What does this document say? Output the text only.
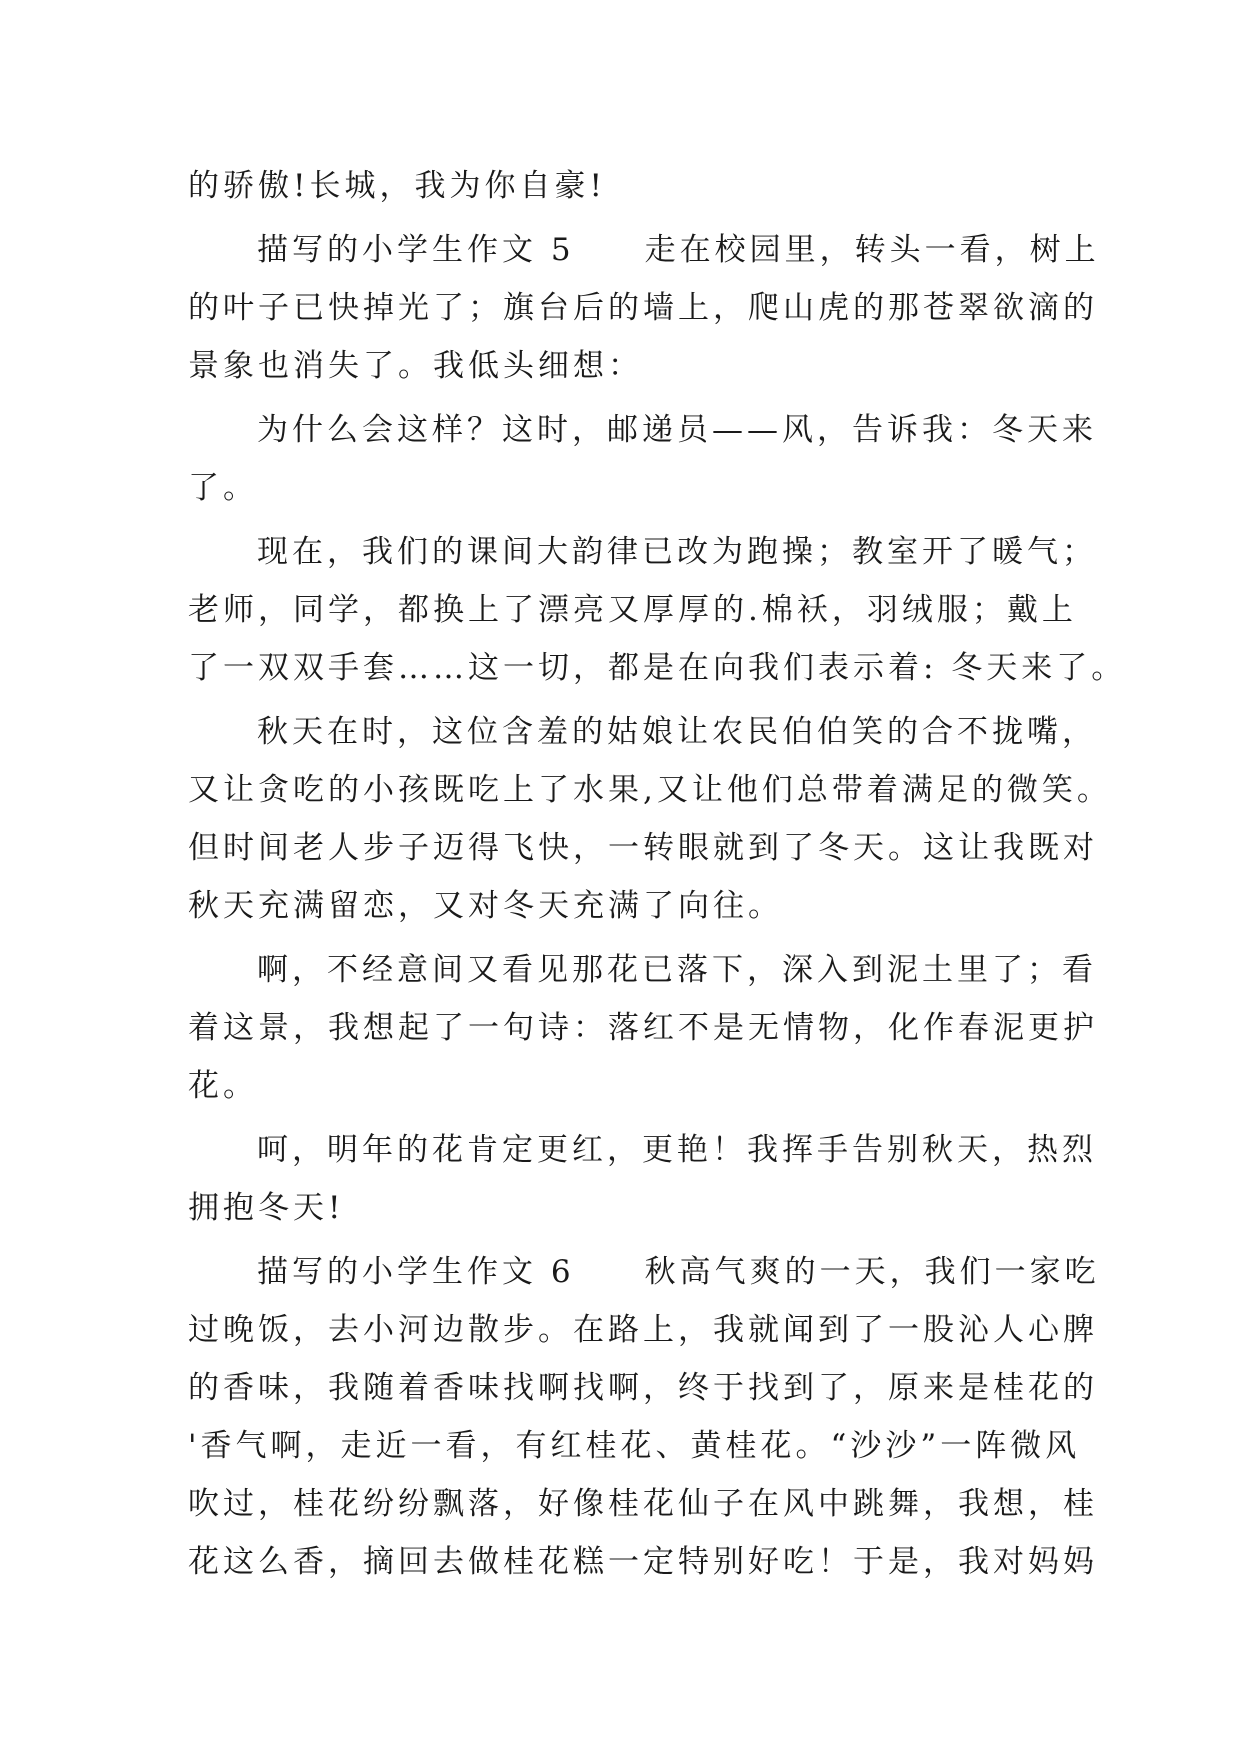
的骄傲!长城，我为你自豪!
描写的小学生作文 5　　走在校园里，转头一看，树上
的叶子已快掉光了；旗台后的墙上，爬山虎的那苍翠欲滴的
景象也消失了。我低头细想：
为什么会这样？这时，邮递员——风，告诉我：冬天来
了。
现在，我们的课间大韵律已改为跑操；教室开了暖气；
老师，同学，都换上了漂亮又厚厚的.棉袄，羽绒服；戴上
了一双双手套……这一切，都是在向我们表示着: 冬天来了。
秋天在时，这位含羞的姑娘让农民伯伯笑的合不拢嘴，
又让贪吃的小孩既吃上了水果,又让他们总带着满足的微笑。
但时间老人步子迈得飞快，一转眼就到了冬天。这让我既对
秋天充满留恋，又对冬天充满了向往。
啊，不经意间又看见那花已落下，深入到泥土里了；看
着这景，我想起了一句诗：落红不是无情物，化作春泥更护
花。
呵，明年的花肯定更红，更艳！我挥手告别秋天，热烈
拥抱冬天!
描写的小学生作文 6　　秋高气爽的一天，我们一家吃
过晚饭，去小河边散步。在路上，我就闻到了一股沁人心脾
的香味，我随着香味找啊找啊，终于找到了，原来是桂花的
'香气啊，走近一看，有红桂花、黄桂花。“沙沙”一阵微风
吹过，桂花纷纷飘落，好像桂花仙子在风中跳舞，我想，桂
花这么香，摘回去做桂花糕一定特别好吃！于是，我对妈妈
